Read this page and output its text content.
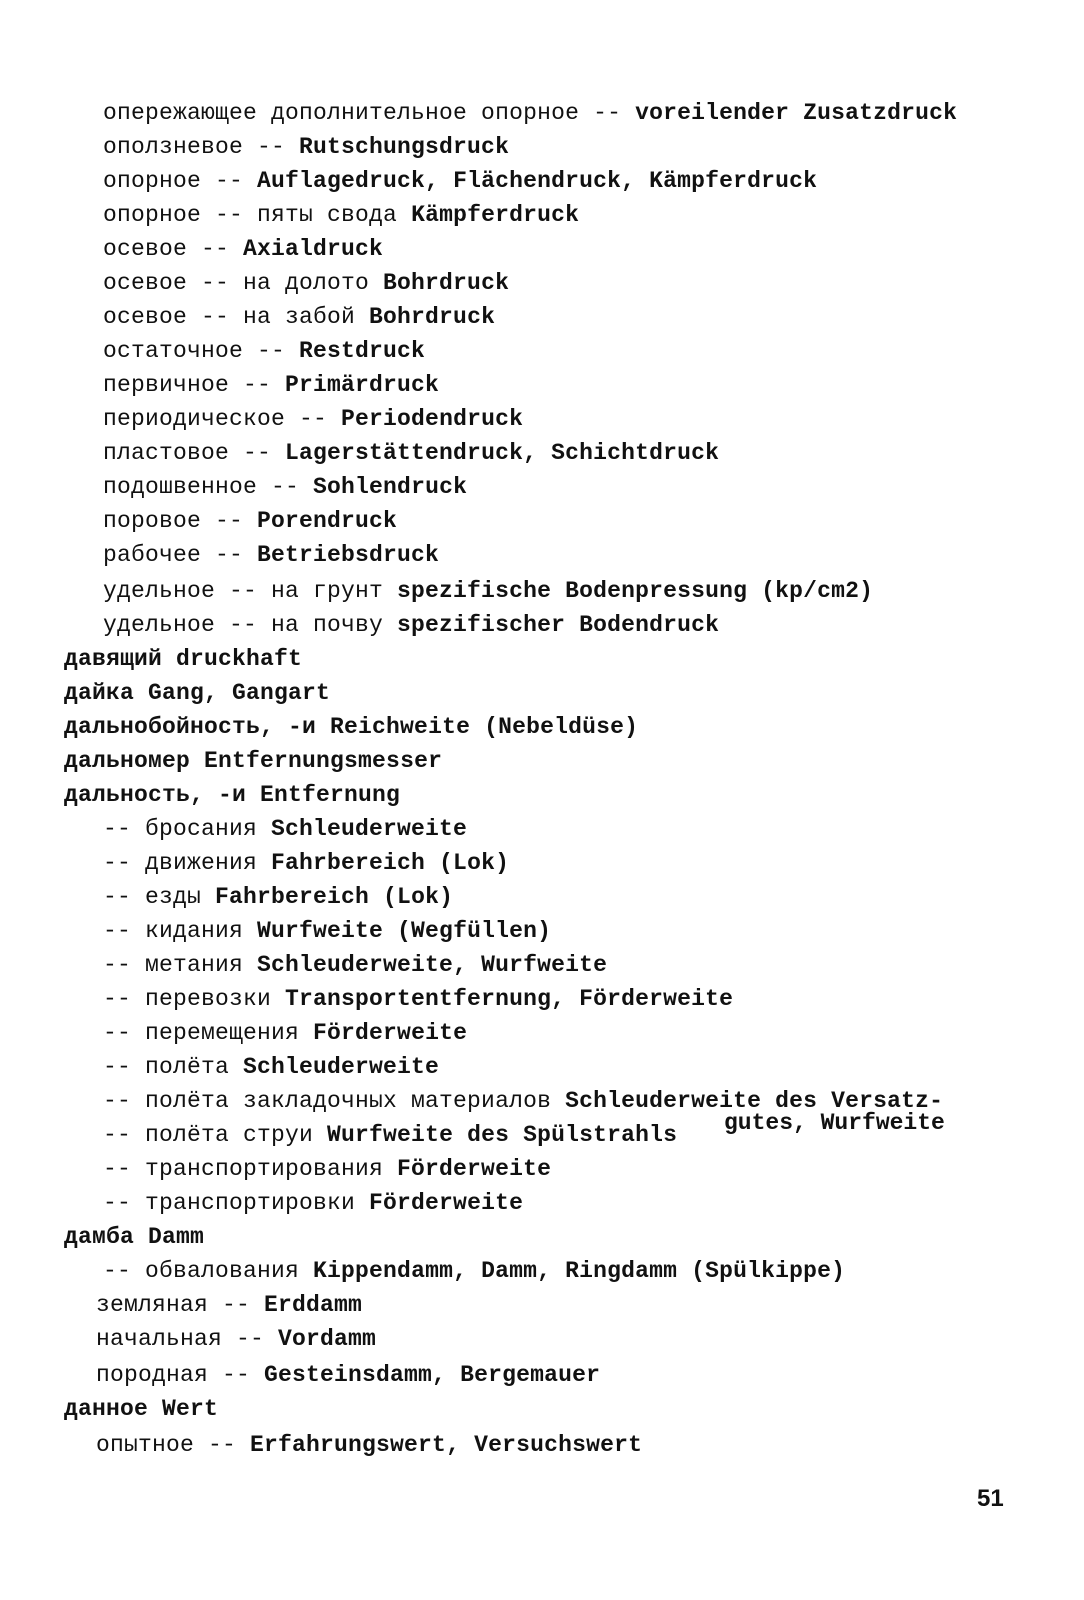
опережающее дополнительное опорное -- voreilender Zusatzdruck
оползневое -- Rutschungsdruck
опорное -- Auflagedruck, Flächendruck, Kämpferdruck
опорное -- пяты свода Kämpferdruck
осевое -- Axialdruck
осевое -- на долото Bohrdruck
осевое -- на забой Bohrdruck
остаточное -- Restdruck
первичное -- Primärdruck
периодическое -- Periodendruck
пластовое -- Lagerstättendruck, Schichtdruck
подошвенное -- Sohlendruck
поровое -- Porendruck
рабочее -- Betriebsdruck
удельное -- на грунт spezifische Bodenpressung (kp/cm2)
удельное -- на почву spezifischer Bodendruck
давящий druckhaft
дайка Gang, Gangart
дальнобойность, -и Reichweite (Nebeldüse)
дальномер Entfernungsmesser
дальность, -и Entfernung
-- бросания Schleuderweite
-- движения Fahrbereich (Lok)
-- езды Fahrbereich (Lok)
-- кидания Wurfweite (Wegfüllen)
-- метания Schleuderweite, Wurfweite
-- перевозки Transportentfernung, Förderweite
-- перемещения Förderweite
-- полёта Schleuderweite
-- полёта закладочных материалов Schleuderweite des Versatz-
-- полёта струи Wurfweite des Spülstrahls gutes, Wurfweite
-- транспортирования Förderweite
-- транспортировки Förderweite
дамба Damm
-- обвалования Kippendamm, Damm, Ringdamm (Spülkippe)
земляная -- Erddamm
начальная -- Vordamm
породная -- Gesteinsdamm, Bergemauer
данное Wert
опытное -- Erfahrungswert, Versuchswert
51
